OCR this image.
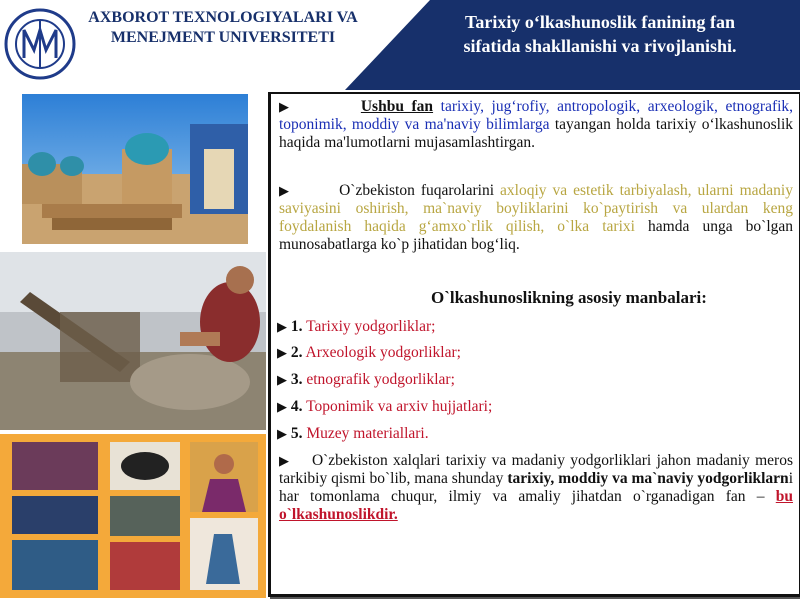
AXBOROT TEXNOLOGIYALARI VA
MENEJMENT UNIVERSITETI
Tarixiy o‘lkashunoslik fanining fan
sifatida shakllanishi va rivojlanishi.
▶	Ushbu fan tarixiy, jug‘rofiy, antropologik, arxeologik, etnografik, toponimik, moddiy va ma'naviy bilimlarga tayangan holda tarixiy o‘lkashunoslik haqida ma'lumotlarni mujasamlashtirgan.
▶	O`zbekiston fuqarolarini axloqiy va estetik tarbiyalash, ularni madaniy saviyasini oshirish, ma`naviy boyliklarini ko`paytirish va ulardan keng foydalanish haqida g‘amxo`rlik qilish, o`lka tarixi hamda unga bo`lgan munosabatlarga ko`p jihatidan bog‘liq.
O`lkashunoslikning asosiy manbalari:
▶ 1. Tarixiy yodgorliklar;
▶ 2. Arxeologik yodgorliklar;
▶ 3. etnografik yodgorliklar;
▶ 4. Toponimik va arxiv hujjatlari;
▶ 5. Muzey materiallari.
▶ O`zbekiston xalqlari tarixiy va madaniy yodgorliklari jahon madaniy meros tarkibiy qismi bo`lib, mana shunday tarixiy, moddiy va ma`naviy yodgorliklarni har tomonlama chuqur, ilmiy va amaliy jihatdan o`rganadigan fan – bu o`lkashunoslikdir.
